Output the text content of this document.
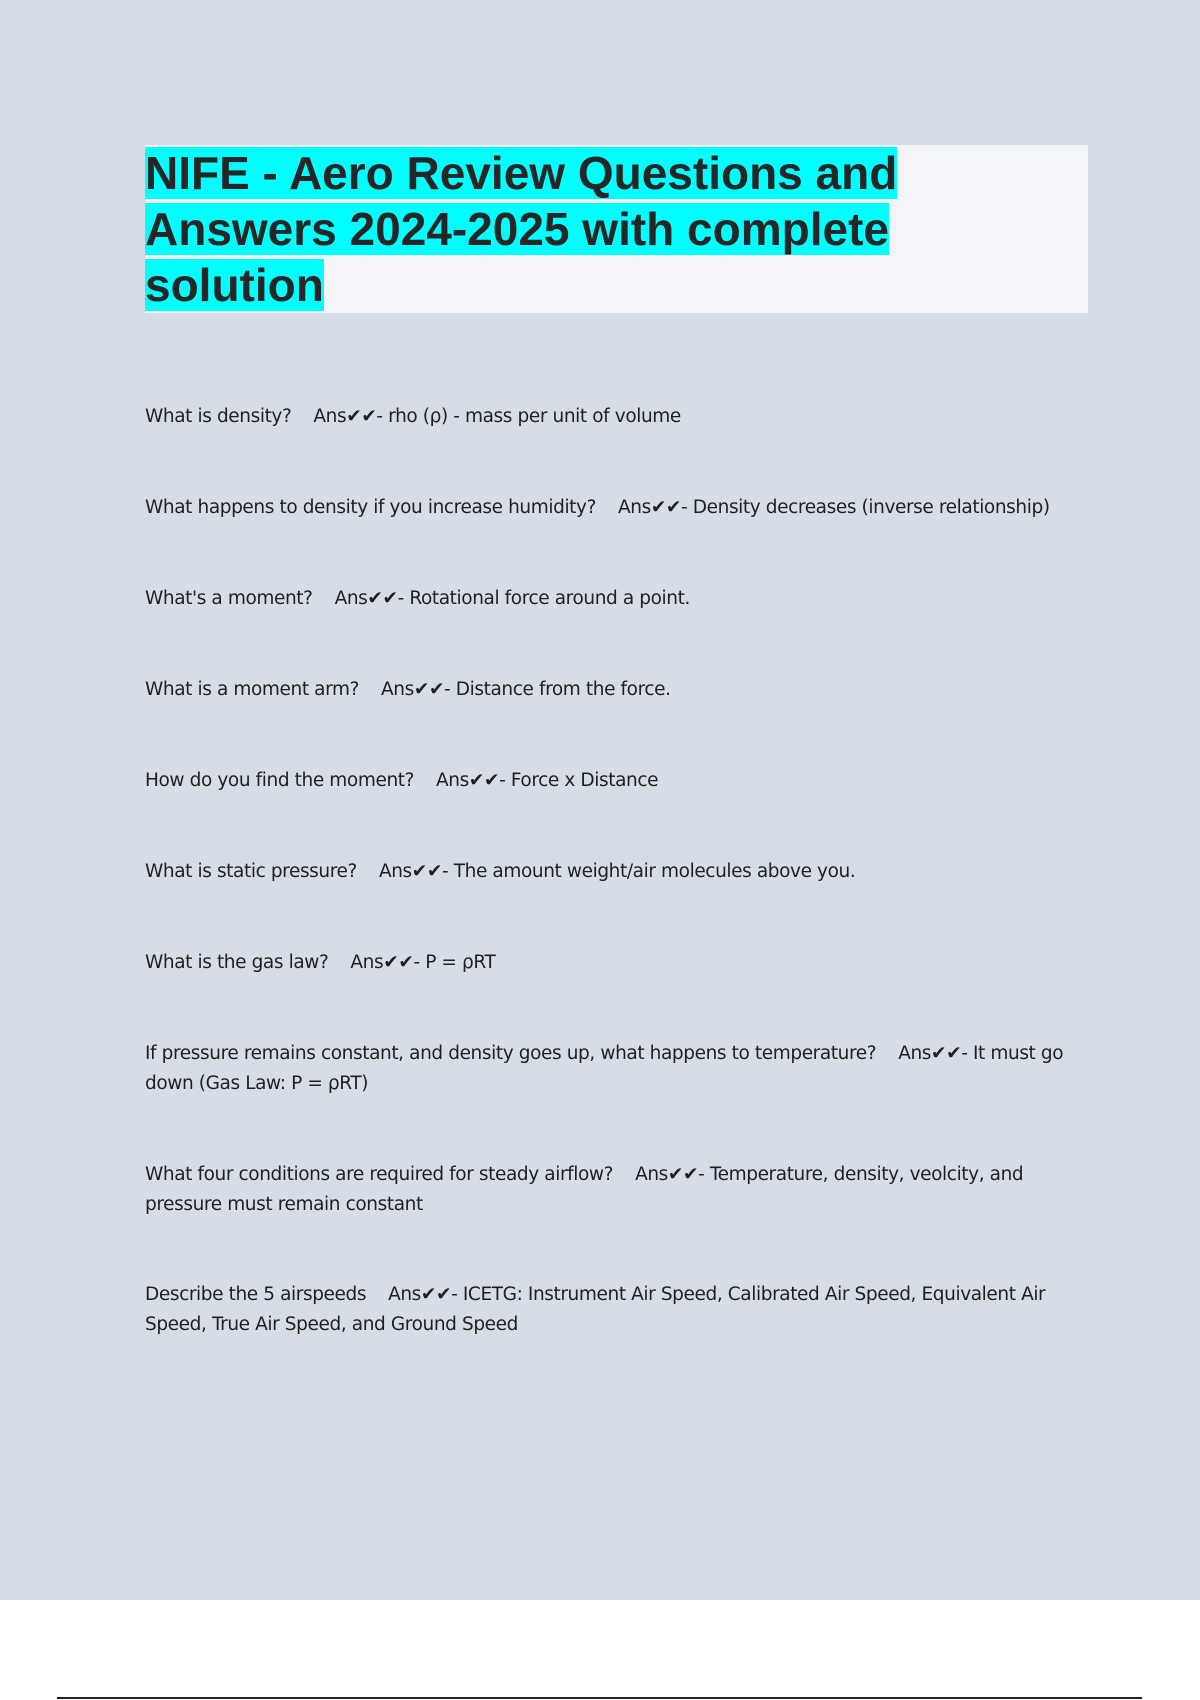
NIFE - Aero Review Questions and Answers 2024-2025 with complete solution
What is density? Ans✔✔- rho (ρ) - mass per unit of volume
What happens to density if you increase humidity? Ans✔✔- Density decreases (inverse relationship)
What's a moment? Ans✔✔- Rotational force around a point.
What is a moment arm? Ans✔✔- Distance from the force.
How do you find the moment? Ans✔✔- Force x Distance
What is static pressure? Ans✔✔- The amount weight/air molecules above you.
What is the gas law? Ans✔✔- P = ρRT
If pressure remains constant, and density goes up, what happens to temperature? Ans✔✔- It must go down (Gas Law: P = ρRT)
What four conditions are required for steady airflow? Ans✔✔- Temperature, density, veolcity, and pressure must remain constant
Describe the 5 airspeeds Ans✔✔- ICETG: Instrument Air Speed, Calibrated Air Speed, Equivalent Air Speed, True Air Speed, and Ground Speed
